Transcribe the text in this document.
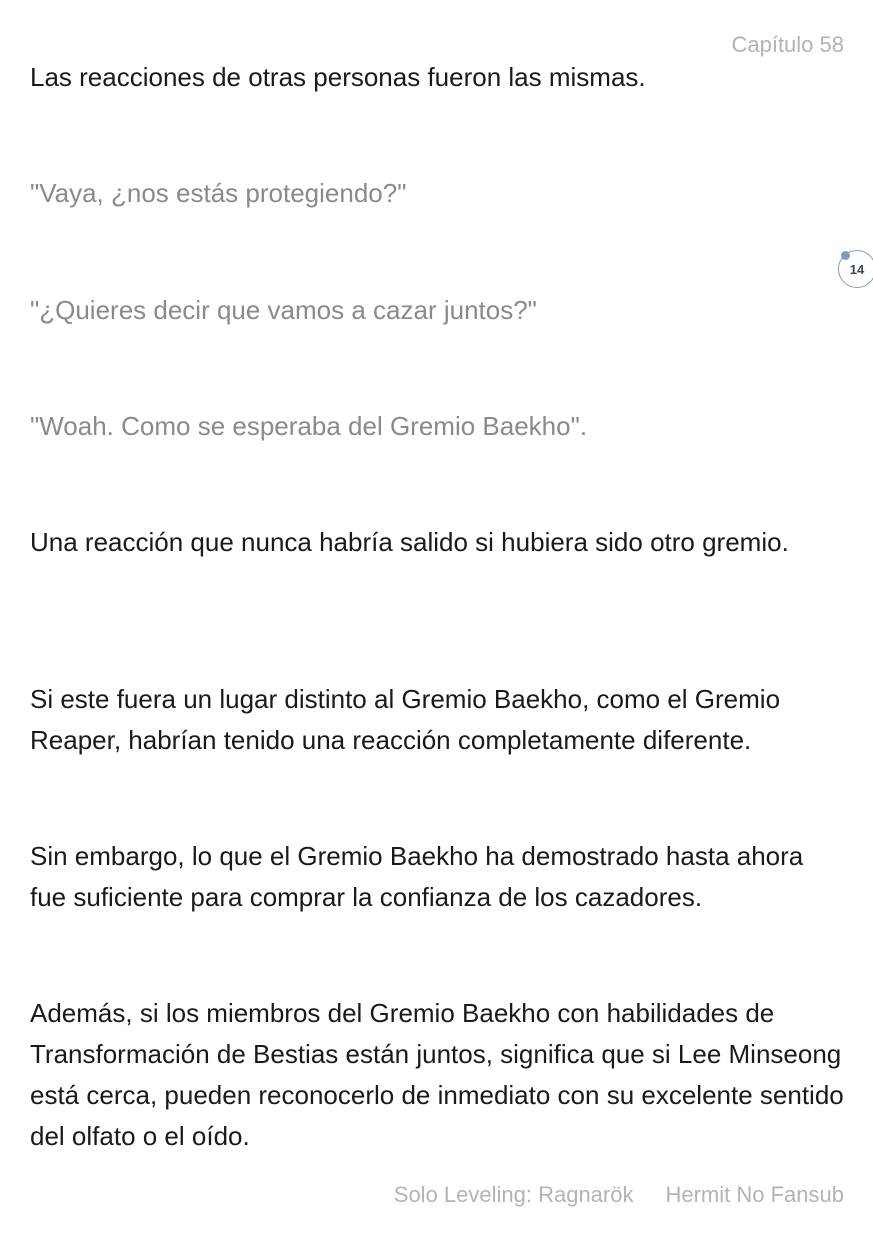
Capítulo 58

Las reacciones de otras personas fueron las mismas.

"Vaya, ¿nos estás protegiendo?"

"¿Quieres decir que vamos a cazar juntos?"

"Woah. Como se esperaba del Gremio Baekho".

Una reacción que nunca habría salido si hubiera sido otro gremio.

Si este fuera un lugar distinto al Gremio Baekho, como el Gremio Reaper, habrían tenido una reacción completamente diferente.

Sin embargo, lo que el Gremio Baekho ha demostrado hasta ahora fue suficiente para comprar la confianza de los cazadores.

Además, si los miembros del Gremio Baekho con habilidades de Transformación de Bestias están juntos, significa que si Lee Minseong está cerca, pueden reconocerlo de inmediato con su excelente sentido del olfato o el oído.

14
Solo Leveling: Ragnarök Hermit No Fansub
